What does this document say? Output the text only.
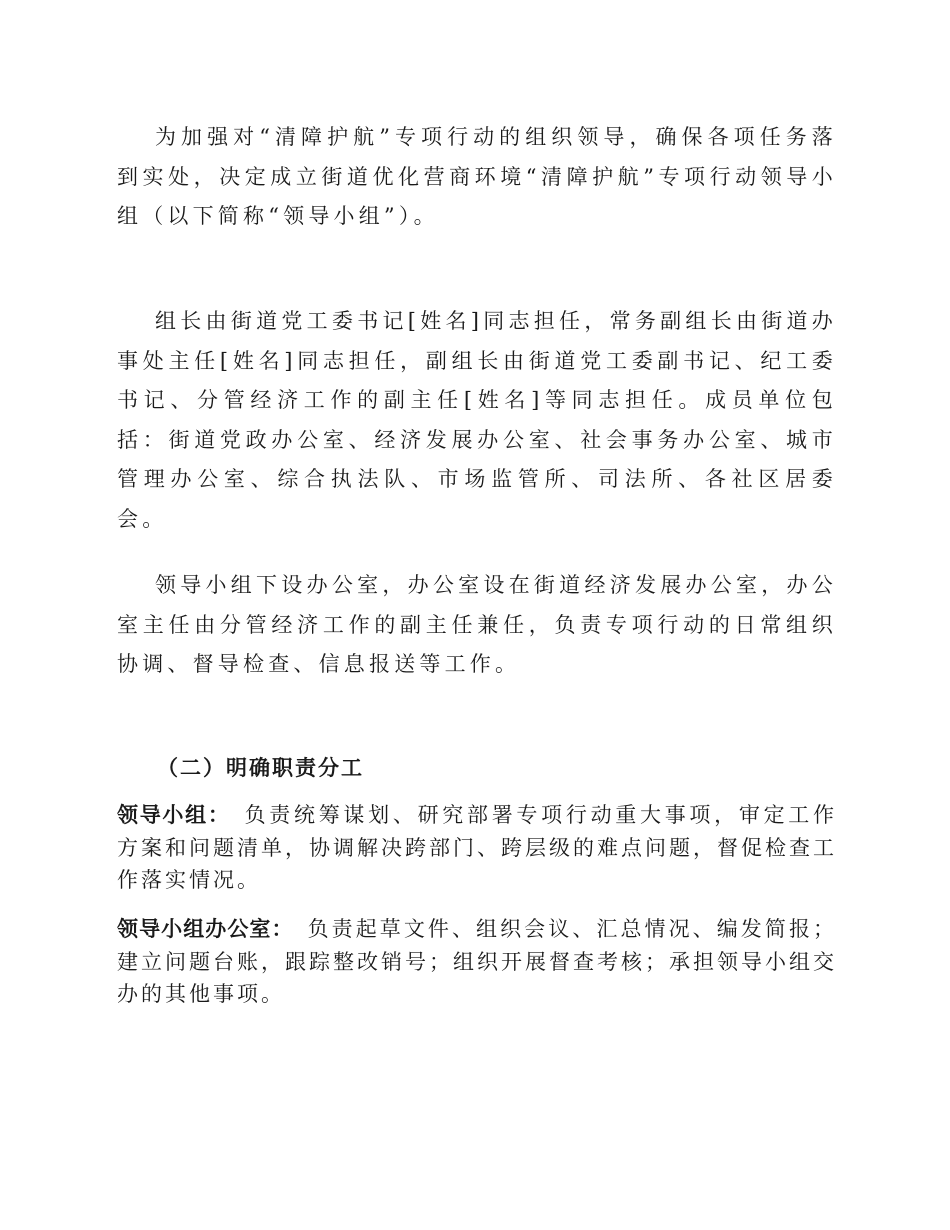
为加强对“清障护航”专项行动的组织领导，确保各项任务落到实处，决定成立街道优化营商环境“清障护航”专项行动领导小组（以下简称“领导小组”）。

组长由街道党工委书记[姓名]同志担任，常务副组长由街道办事处主任[姓名]同志担任，副组长由街道党工委副书记、纪工委书记、分管经济工作的副主任[姓名]等同志担任。成员单位包括：街道党政办公室、经济发展办公室、社会事务办公室、城市管理办公室、综合执法队、市场监管所、司法所、各社区居委会。

领导小组下设办公室，办公室设在街道经济发展办公室，办公室主任由分管经济工作的副主任兼任，负责专项行动的日常组织协调、督导检查、信息报送等工作。

（二）明确职责分工

领导小组： 负责统筹谋划、研究部署专项行动重大事项，审定工作方案和问题清单，协调解决跨部门、跨层级的难点问题，督促检查工作落实情况。

领导小组办公室： 负责起草文件、组织会议、汇总情况、编发简报；建立问题台账，跟踪整改销号；组织开展督查考核；承担领导小组交办的其他事项。
